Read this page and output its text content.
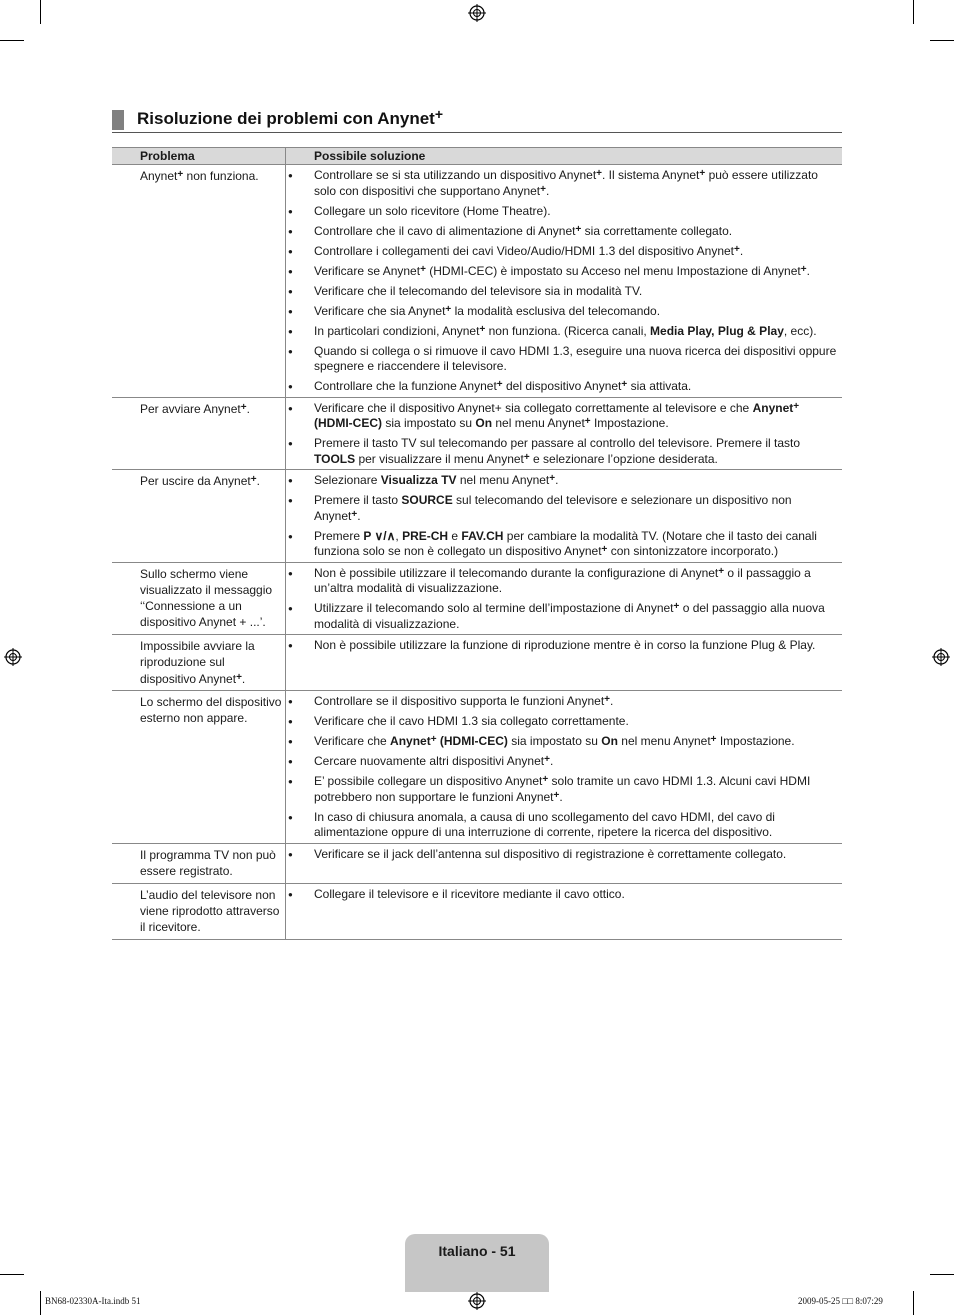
Risoluzione dei problemi con Anynet+
Problema	Possibile soluzione
Anynet+ non funziona.	● Controllare se si sta utilizzando un dispositivo Anynet+. Il sistema Anynet+ può essere utilizzato solo con dispositivi che supportano Anynet+.
● Collegare un solo ricevitore (Home Theatre).
● Controllare che il cavo di alimentazione di Anynet+ sia correttamente collegato.
● Controllare i collegamenti dei cavi Video/Audio/HDMI 1.3 del dispositivo Anynet+.
● Verificare se Anynet+ (HDMI-CEC) è impostato su Acceso nel menu Impostazione di Anynet+.
● Verificare che il telecomando del televisore sia in modalità TV.
● Verificare che sia Anynet+ la modalità esclusiva del telecomando.
● In particolari condizioni, Anynet+ non funziona. (Ricerca canali, Media Play, Plug & Play, ecc).
● Quando si collega o si rimuove il cavo HDMI 1.3, eseguire una nuova ricerca dei dispositivi oppure spegnere e riaccendere il televisore.
● Controllare che la funzione Anynet+ del dispositivo Anynet+ sia attivata.
Per avviare Anynet+.	● Verificare che il dispositivo Anynet+ sia collegato correttamente al televisore e che Anynet+ (HDMI-CEC) sia impostato su On nel menu Anynet+ Impostazione.
● Premere il tasto TV sul telecomando per passare al controllo del televisore. Premere il tasto TOOLS per visualizzare il menu Anynet+ e selezionare l’opzione desiderata.
Per uscire da Anynet+.	● Selezionare Visualizza TV nel menu Anynet+.
● Premere il tasto SOURCE sul telecomando del televisore e selezionare un dispositivo non Anynet+.
● Premere P ∨/∧, PRE-CH e FAV.CH per cambiare la modalità TV. (Notare che il tasto dei canali funziona solo se non è collegato un dispositivo Anynet+ con sintonizzatore incorporato.)
Sullo schermo viene visualizzato il messaggio ‘‘Connessione a un dispositivo Anynet + ...’.
● Non è possibile utilizzare il telecomando durante la configurazione di Anynet+ o il passaggio a un’altra modalità di visualizzazione.
● Utilizzare il telecomando solo al termine dell’impostazione di Anynet+ o del passaggio alla nuova modalità di visualizzazione.
Impossibile avviare la riproduzione sul dispositivo Anynet+.
● Non è possibile utilizzare la funzione di riproduzione mentre è in corso la funzione Plug & Play.
Lo schermo del dispositivo esterno non appare.
● Controllare se il dispositivo supporta le funzioni Anynet+.
● Verificare che il cavo HDMI 1.3 sia collegato correttamente.
● Verificare che Anynet+ (HDMI-CEC) sia impostato su On nel menu Anynet+ Impostazione.
● Cercare nuovamente altri dispositivi Anynet+.
● E’ possibile collegare un dispositivo Anynet+ solo tramite un cavo HDMI 1.3. Alcuni cavi HDMI potrebbero non supportare le funzioni Anynet+.
● In caso di chiusura anomala, a causa di uno scollegamento del cavo HDMI, del cavo di alimentazione oppure di una interruzione di corrente, ripetere la ricerca del dispositivo.
Il programma TV non può essere registrato.
● Verificare se il jack dell’antenna sul dispositivo di registrazione è correttamente collegato.
L’audio del televisore non viene riprodotto attraverso il ricevitore.
● Collegare il televisore e il ricevitore mediante il cavo ottico.
Italiano - 51
BN68-02330A-Ita.indb 51	2009-05-25 □□ 8:07:29
